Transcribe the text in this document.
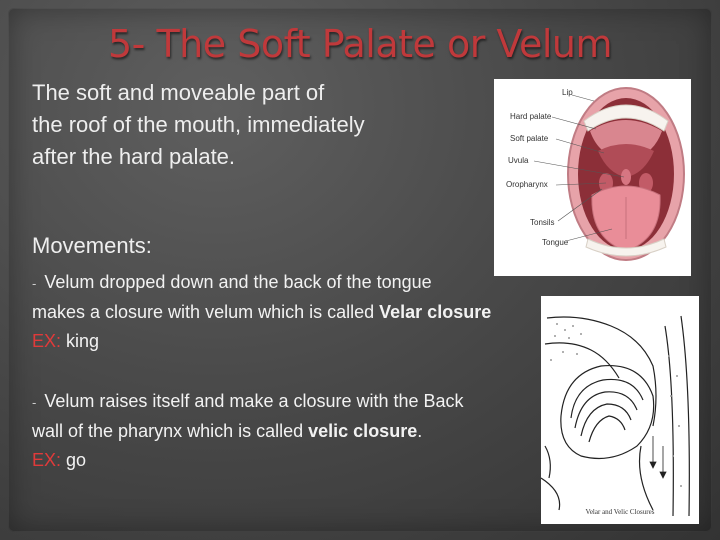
5- The Soft Palate or Velum

The soft and moveable part of
the roof of the mouth, immediately
after the hard palate.

Movements:

- Velum dropped down and the back of the tongue
makes a closure with velum which is called Velar closure
EX: king

- Velum raises itself and make a closure with the Back
wall of the pharynx which is called velic closure.
EX: go

Lip
Hard palate
Soft palate
Uvula
Oropharynx
Tonsils
Tongue
Velar and Velic Closures
